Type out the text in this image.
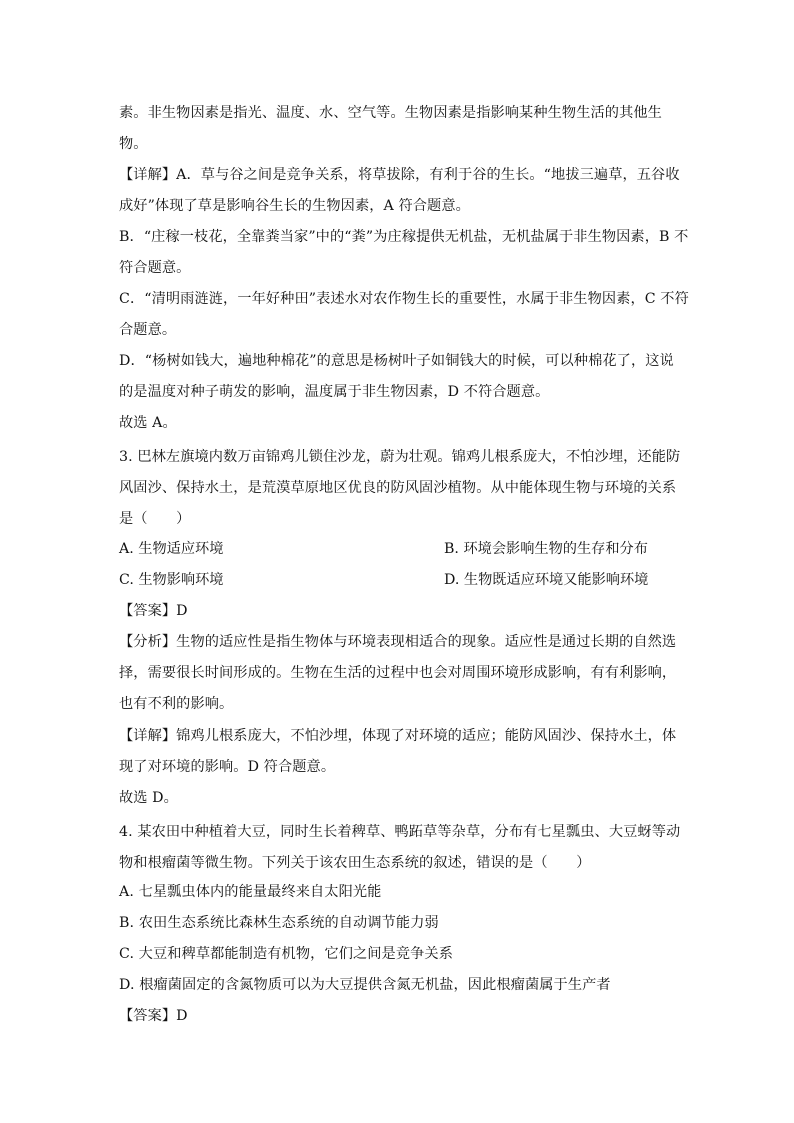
素。非生物因素是指光、温度、水、空气等。生物因素是指影响某种生物生活的其他生
物。
【详解】A．草与谷之间是竞争关系，将草拔除，有利于谷的生长。“地拔三遍草，五谷收
成好”体现了草是影响谷生长的生物因素，A 符合题意。
B．“庄稼一枝花，全靠粪当家”中的“粪”为庄稼提供无机盐，无机盐属于非生物因素，B 不
符合题意。
C．“清明雨涟涟，一年好种田”表述水对农作物生长的重要性，水属于非生物因素，C 不符
合题意。
D．“杨树如钱大，遍地种棉花”的意思是杨树叶子如铜钱大的时候，可以种棉花了，这说
的是温度对种子萌发的影响，温度属于非生物因素，D 不符合题意。
故选 A。
3. 巴林左旗境内数万亩锦鸡儿锁住沙龙，蔚为壮观。锦鸡儿根系庞大，不怕沙埋，还能防
风固沙、保持水土，是荒漠草原地区优良的防风固沙植物。从中能体现生物与环境的关系
是（　　）
A. 生物适应环境	B. 环境会影响生物的生存和分布
C. 生物影响环境	D. 生物既适应环境又能影响环境
【答案】D
【分析】生物的适应性是指生物体与环境表现相适合的现象。适应性是通过长期的自然选
择，需要很长时间形成的。生物在生活的过程中也会对周围环境形成影响，有有利影响，
也有不利的影响。
【详解】锦鸡儿根系庞大，不怕沙埋，体现了对环境的适应；能防风固沙、保持水土，体
现了对环境的影响。D 符合题意。
故选 D。
4. 某农田中种植着大豆，同时生长着稗草、鸭跖草等杂草，分布有七星瓢虫、大豆蚜等动
物和根瘤菌等微生物。下列关于该农田生态系统的叙述，错误的是（　　）
A. 七星瓢虫体内的能量最终来自太阳光能
B. 农田生态系统比森林生态系统的自动调节能力弱
C. 大豆和稗草都能制造有机物，它们之间是竞争关系
D. 根瘤菌固定的含氮物质可以为大豆提供含氮无机盐，因此根瘤菌属于生产者
【答案】D
